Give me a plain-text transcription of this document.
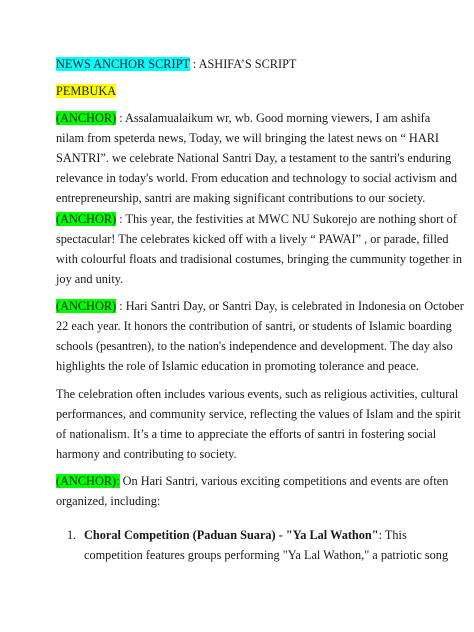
NEWS ANCHOR SCRIPT : ASHIFA’S SCRIPT

PEMBUKA

(ANCHOR) : Assalamualaikum wr, wb. Good morning viewers, I am ashifa

nilam from speterda news, Today, we will bringing the latest news on “ HARI

SANTRI”. we celebrate National Santri Day, a testament to the santri's enduring

relevance in today's world. From education and technology to social activism and

entrepreneurship, santri are making significant contributions to our society.

(ANCHOR) : This year, the festivities at MWC NU Sukorejo are nothing short of

spectacular! The celebrates kicked off with a lively “ PAWAI” , or parade, filled

with colourful floats and tradisional costumes, bringing the cummunity together in

joy and unity.

(ANCHOR) : Hari Santri Day, or Santri Day, is celebrated in Indonesia on October

22 each year. It honors the contribution of santri, or students of Islamic boarding

schools (pesantren), to the nation's independence and development. The day also

highlights the role of Islamic education in promoting tolerance and peace.

The celebration often includes various events, such as religious activities, cultural

performances, and community service, reflecting the values of Islam and the spirit

of nationalism. It’s a time to appreciate the efforts of santri in fostering social

harmony and contributing to society.

(ANCHOR): On Hari Santri, various exciting competitions and events are often

organized, including:

1. Choral Competition (Paduan Suara) - "Ya Lal Wathon": This

competition features groups performing "Ya Lal Wathon," a patriotic song
